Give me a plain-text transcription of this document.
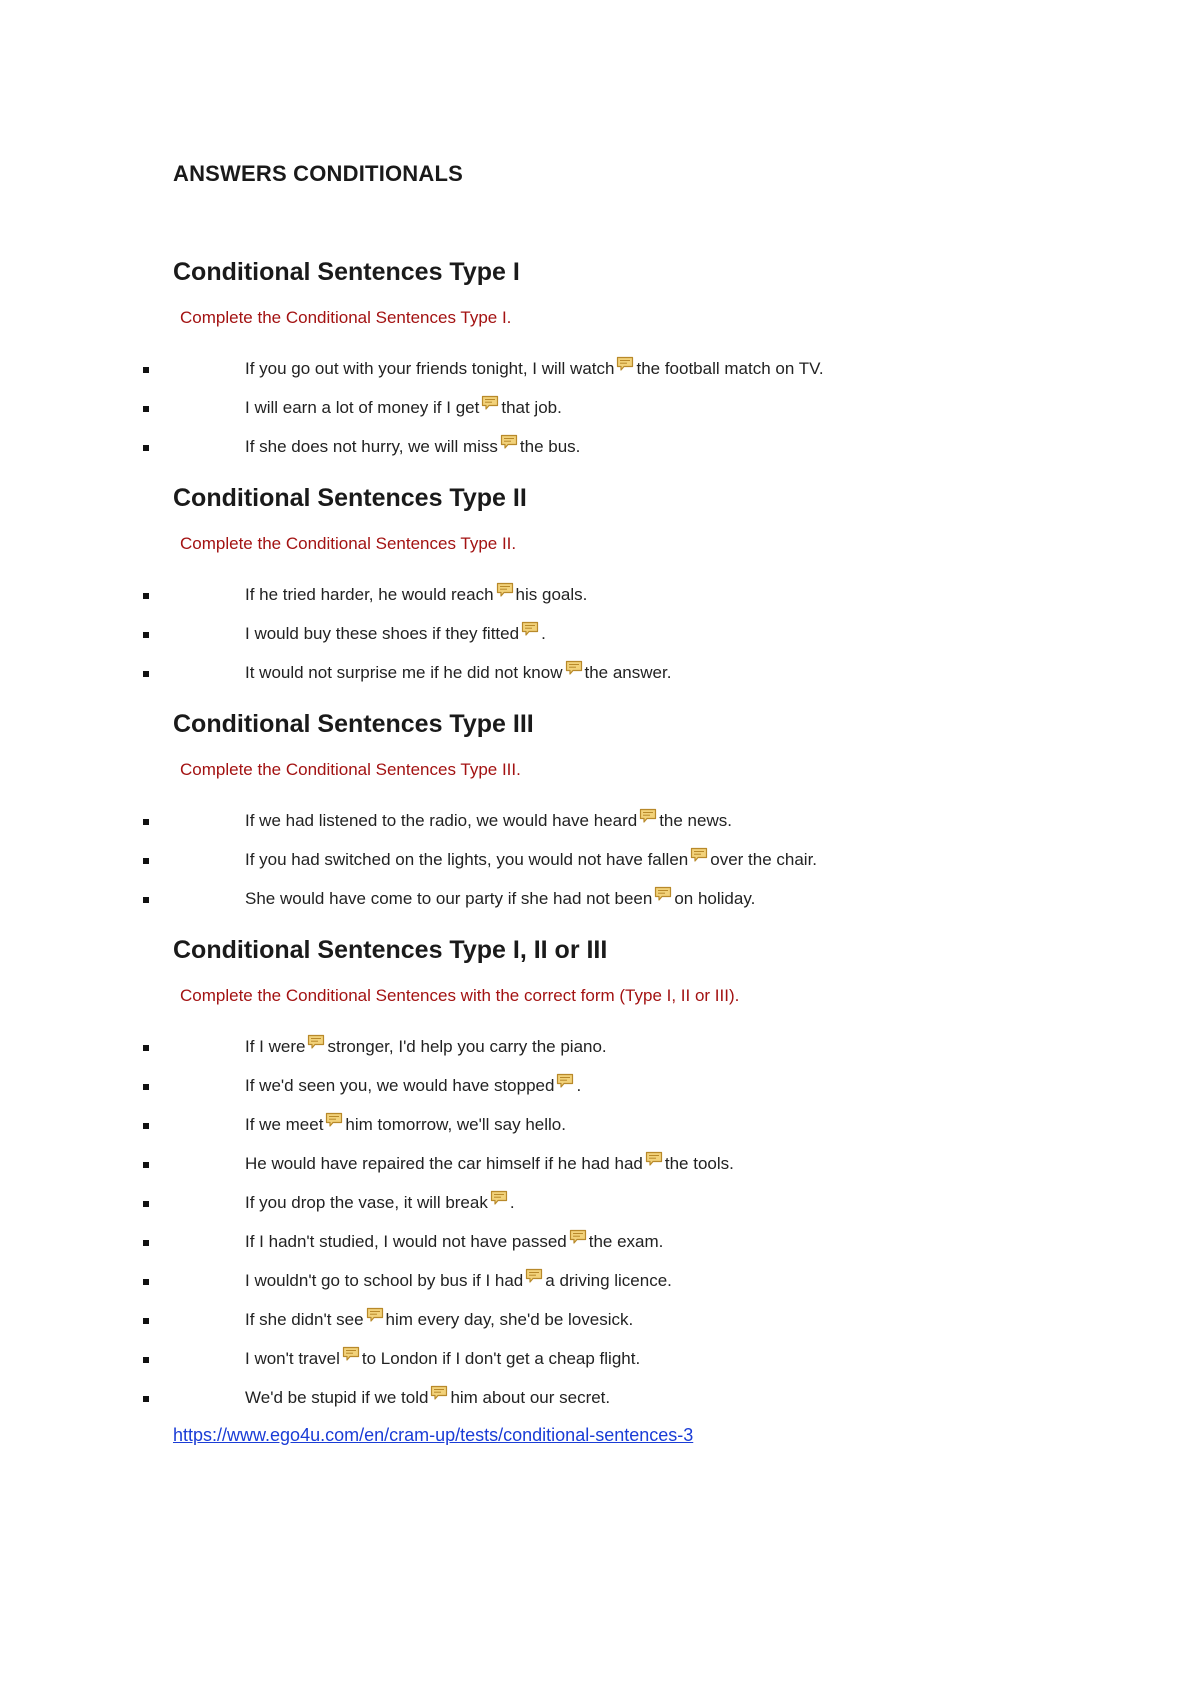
ANSWERS CONDITIONALS
Conditional Sentences Type I
Complete the Conditional Sentences Type I.
If you go out with your friends tonight, I will watch the football match on TV.
I will earn a lot of money if I get that job.
If she does not hurry, we will miss the bus.
Conditional Sentences Type II
Complete the Conditional Sentences Type II.
If he tried harder, he would reach his goals.
I would buy these shoes if they fitted .
It would not surprise me if he did not know the answer.
Conditional Sentences Type III
Complete the Conditional Sentences Type III.
If we had listened to the radio, we would have heard the news.
If you had switched on the lights, you would not have fallen over the chair.
She would have come to our party if she had not been on holiday.
Conditional Sentences Type I, II or III
Complete the Conditional Sentences with the correct form (Type I, II or III).
If I were stronger, I'd help you carry the piano.
If we'd seen you, we would have stopped .
If we meet him tomorrow, we'll say hello.
He would have repaired the car himself if he had had the tools.
If you drop the vase, it will break .
If I hadn't studied, I would not have passed the exam.
I wouldn't go to school by bus if I had a driving licence.
If she didn't see him every day, she'd be lovesick.
I won't travel to London if I don't get a cheap flight.
We'd be stupid if we told him about our secret.
https://www.ego4u.com/en/cram-up/tests/conditional-sentences-3
